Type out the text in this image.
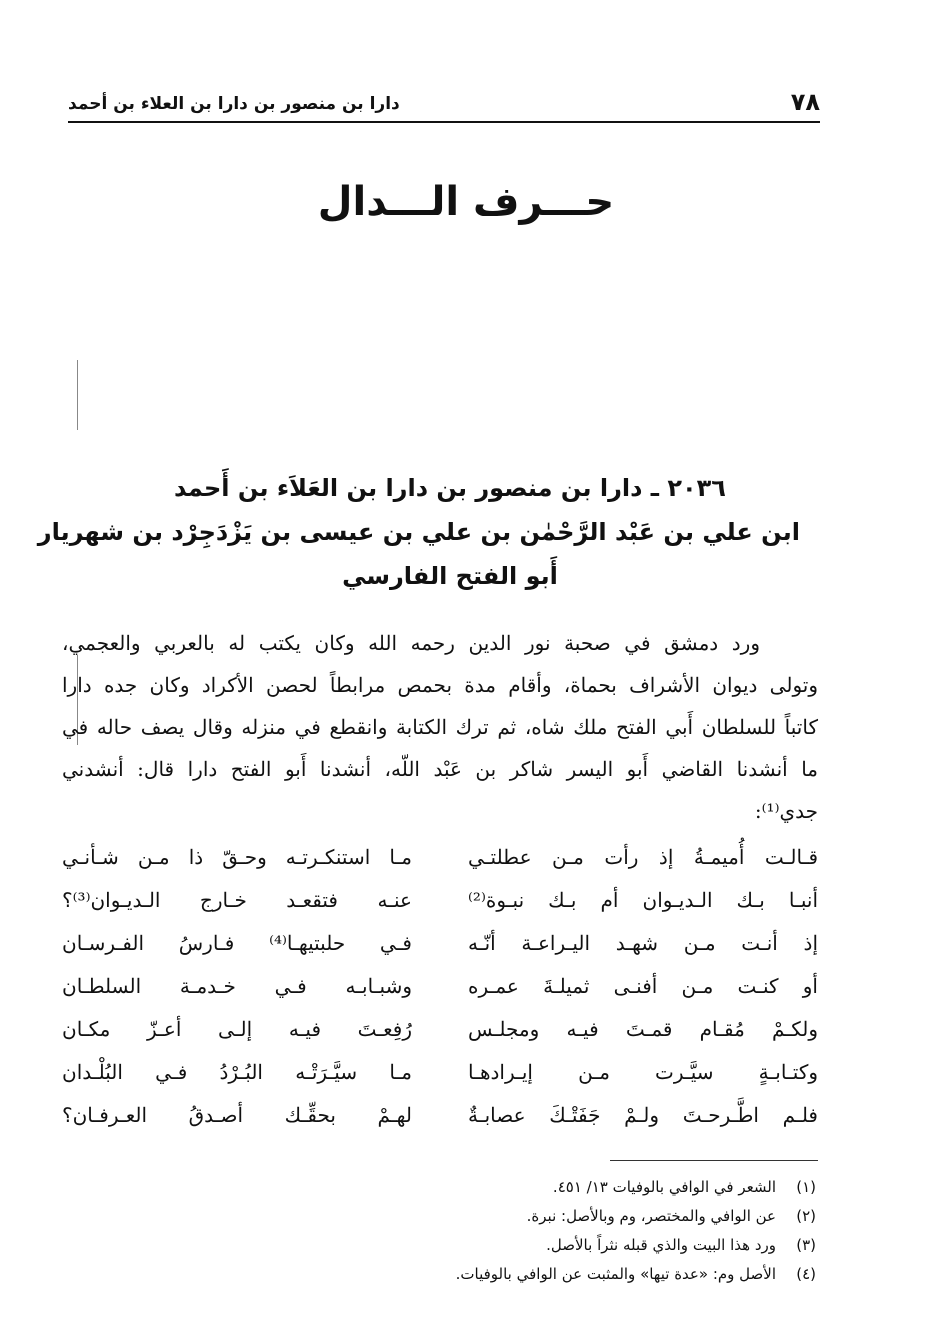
٧٨
دارا بن منصور بن دارا بن العلاء بن أحمد
حـــرف الـــدال
٢٠٣٦ ـ دارا بن منصور بن دارا بن العَلاَء بن أَحمد
ابن علي بن عَبْد الرَّحْمٰن بن علي بن عيسى بن يَزْدَجِرْد بن شهريار
أَبو الفتح الفارسي
ورد دمشق في صحبة نور الدين رحمه الله وكان يكتب له بالعربي والعجمي،
وتولى ديوان الأشراف بحماة، وأقام مدة بحمص مرابطاً لحصن الأكراد وكان جده دارا
كاتباً للسلطان أَبي الفتح ملك شاه، ثم ترك الكتابة وانقطع في منزله وقال يصف حاله في
ما أنشدنا القاضي أَبو اليسر شاكر بن عَبْد اللّه، أنشدنا أَبو الفتح دارا قال: أنشدني
جدي⁽¹⁾:
قـالـت أُميمـةُ إذ رأت مـن عطلتـي
مـا استنكـرتـه وحـقّ ذا مـن شـأنـي
أنبـا بـك الـديـوان أم بـك نبـوة⁽²⁾
عنـه فتقعـد خـارج الـديـوان⁽³⁾؟
إذ أنـت مـن شهـد اليـراعـة أنّـه
فـي حلبتيهـا⁽⁴⁾ فـارسُ الفـرسـان
أو كنـت مـن أفنـى ثميلـةَ عمـره
وشبـابـه فـي خـدمـة السلطـان
ولكـمْ مُقـام قمـتَ فيـه ومجلـس
رُفِعـتَ فيـه إلـى أعـزّ مكـان
وكتـابـةٍ سيَّـرت مـن إيـرادهـا
مـا سيَّـرَتْـه البُـرْدُ فـي البُلْـدان
فلـم اطَّـرحـتَ ولـمْ جَفَتْـكَ عصابـةٌ
لهـمْ بحقِّـك أصـدقُ العـرفـان؟
(١)
الشعر في الوافي بالوفيات ١٣/ ٤٥١.
(٢)
عن الوافي والمختصر، وم وبالأصل: نبرة.
(٣)
ورد هذا البيت والذي قبله نثراً بالأصل.
(٤)
الأصل وم: «عدة تيها» والمثبت عن الوافي بالوفيات.
